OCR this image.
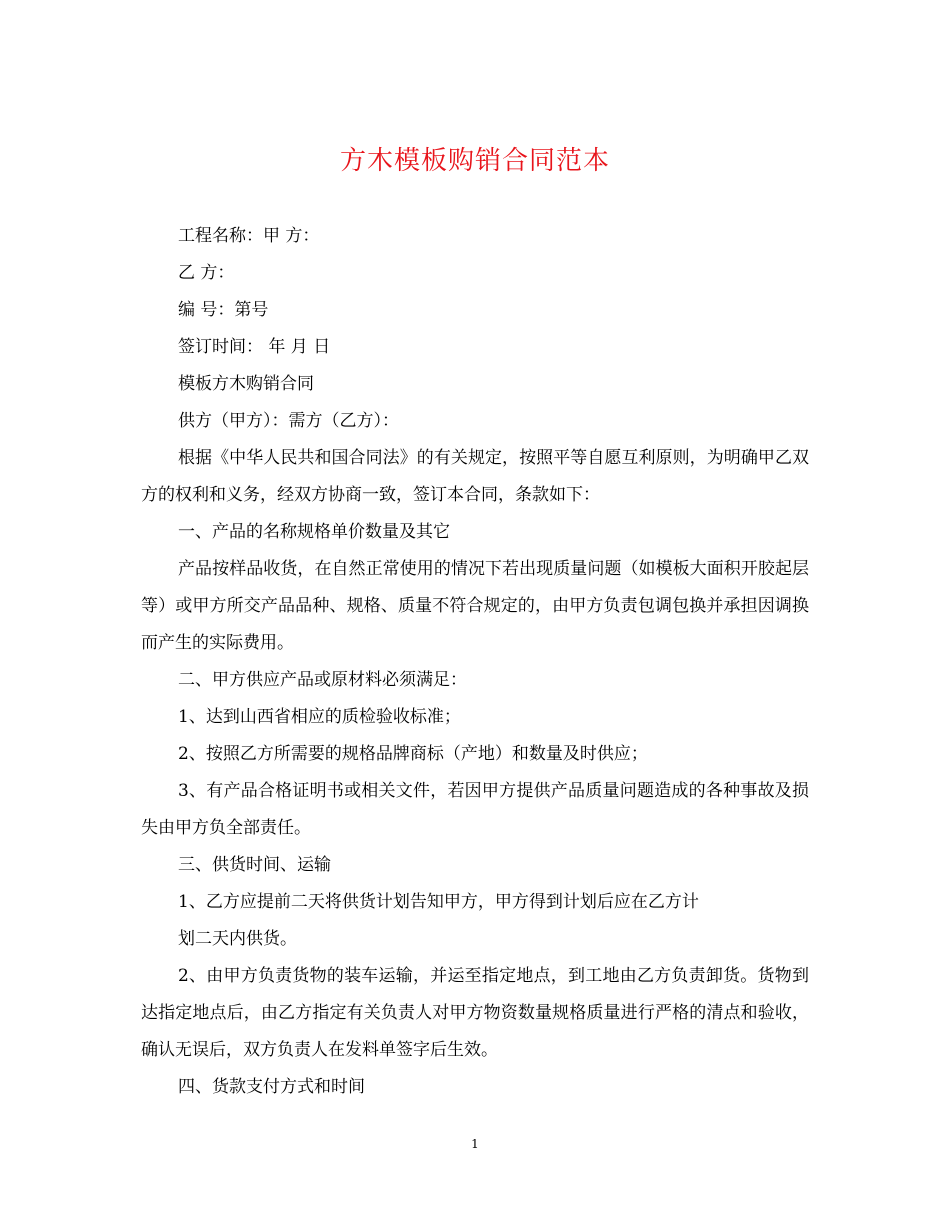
方木模板购销合同范本

工程名称：甲 方：

乙 方：

编 号：第号

签订时间： 年 月 日

模板方木购销合同

供方（甲方）：需方（乙方）：

根据《中华人民共和国合同法》的有关规定，按照平等自愿互利原则，为明确甲乙双方的权利和义务，经双方协商一致，签订本合同，条款如下：

一、产品的名称规格单价数量及其它

产品按样品收货，在自然正常使用的情况下若出现质量问题（如模板大面积开胶起层等）或甲方所交产品品种、规格、质量不符合规定的，由甲方负责包调包换并承担因调换而产生的实际费用。

二、甲方供应产品或原材料必须满足：

1、达到山西省相应的质检验收标准；

2、按照乙方所需要的规格品牌商标（产地）和数量及时供应；

3、有产品合格证明书或相关文件，若因甲方提供产品质量问题造成的各种事故及损失由甲方负全部责任。

三、供货时间、运输

1、乙方应提前二天将供货计划告知甲方，甲方得到计划后应在乙方计

划二天内供货。

2、由甲方负责货物的装车运输，并运至指定地点，到工地由乙方负责卸货。货物到达指定地点后，由乙方指定有关负责人对甲方物资数量规格质量进行严格的清点和验收，确认无误后，双方负责人在发料单签字后生效。

四、货款支付方式和时间

1
